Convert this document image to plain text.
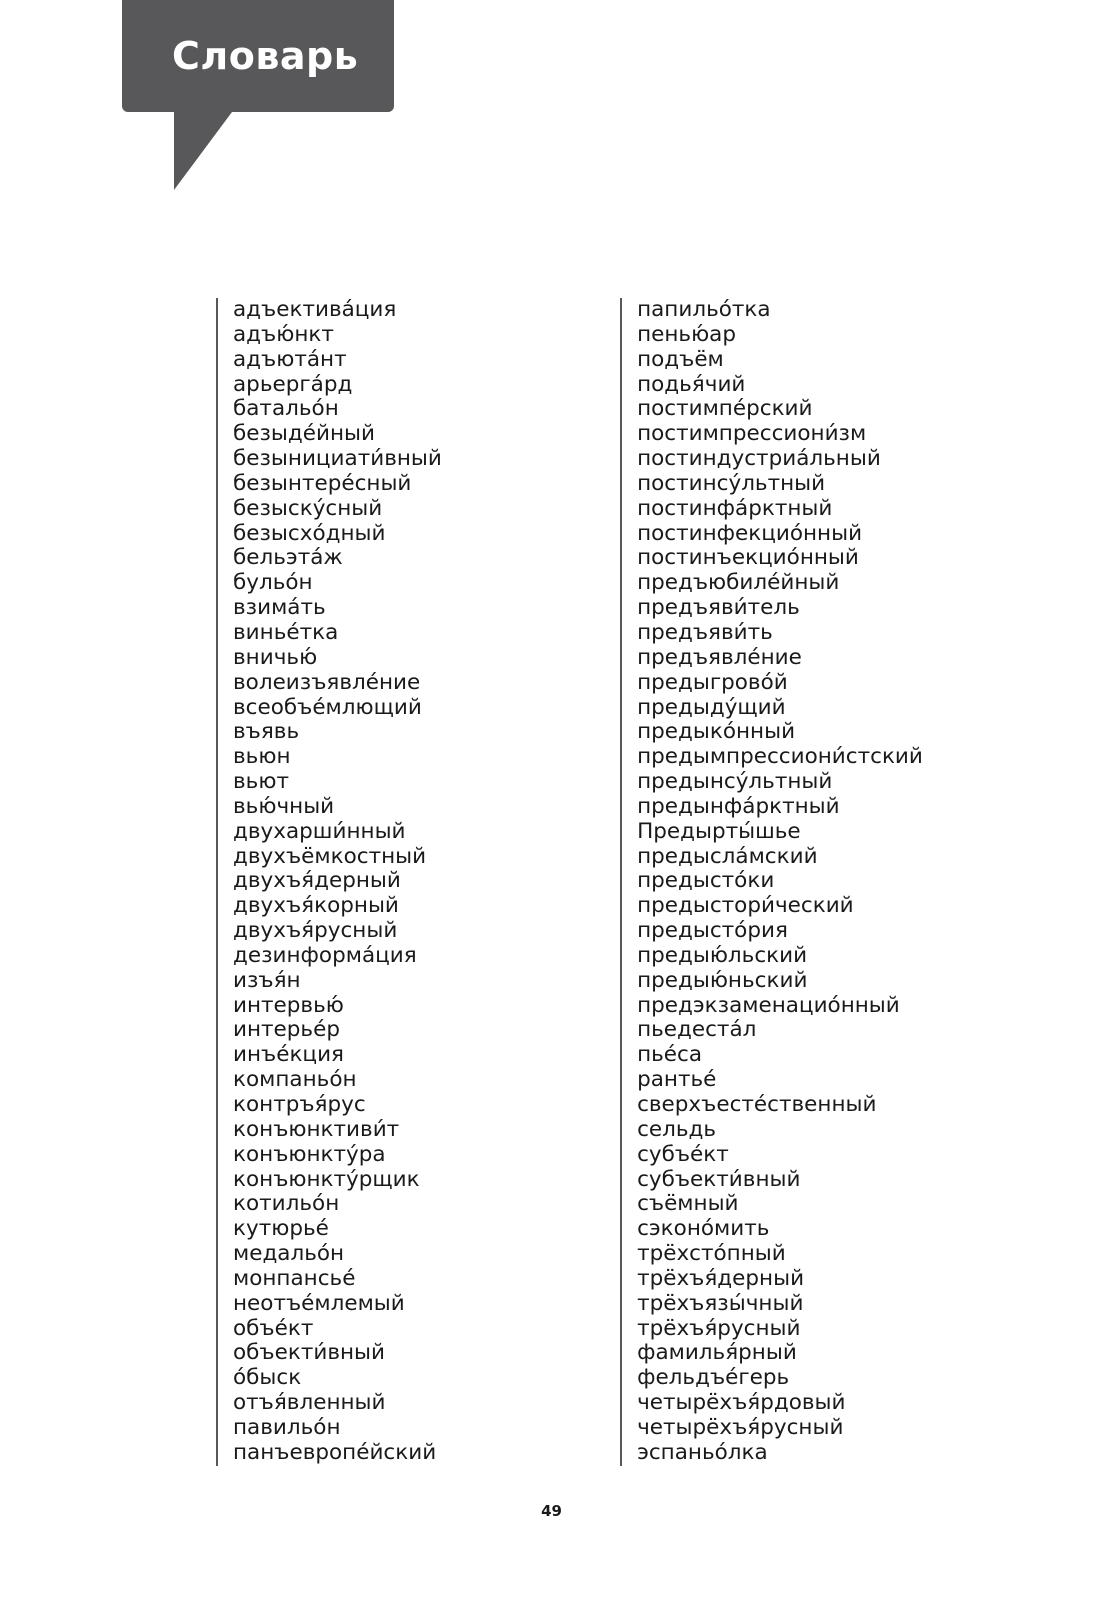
Словарь
адъектива́ция
адъю́нкт
адъюта́нт
арьерга́рд
батальо́н
безыде́йный
безынициати́вный
безынтере́сный
безыску́сный
безысхо́дный
бельэта́ж
бульо́н
взима́ть
винье́тка
вничью́
волеизъявле́ние
всеобъе́млющий
въявь
вьюн
вьют
вью́чный
двухарши́нный
двухъёмкостный
двухъя́дерный
двухъя́корный
двухъя́русный
дезинформа́ция
изъя́н
интервью́
интерье́р
инъе́кция
компаньо́н
контръя́рус
конъюнктиви́т
конъюнкту́ра
конъюнкту́рщик
котильо́н
кутюрье́
медальо́н
монпансье́
неотъе́млемый
объе́кт
объекти́вный
о́быск
отъя́вленный
павильо́н
панъевропе́йский
папильо́тка
пенью́ар
подъём
подья́чий
постимпе́рский
постимпрессиони́зм
постиндустриа́льный
постинсу́льтный
постинфа́рктный
постинфекцио́нный
постинъекцио́нный
предъюбиле́йный
предъяви́тель
предъяви́ть
предъявле́ние
предыгрово́й
предыду́щий
предыко́нный
предымпрессиони́стский
предынсу́льтный
предынфа́рктный
Предырты́шье
предысла́мский
предысто́ки
предыстори́ческий
предысто́рия
предыю́льский
предыю́ньский
предэкзаменацио́нный
пьедеста́л
пье́са
рантье́
сверхъесте́ственный
сельдь
субъе́кт
субъекти́вный
съёмный
сэконо́мить
трёхсто́пный
трёхъя́дерный
трёхъязы́чный
трёхъя́русный
фамилья́рный
фельдъе́герь
четырёхъя́рдовый
четырёхъя́русный
эспаньо́лка
49
